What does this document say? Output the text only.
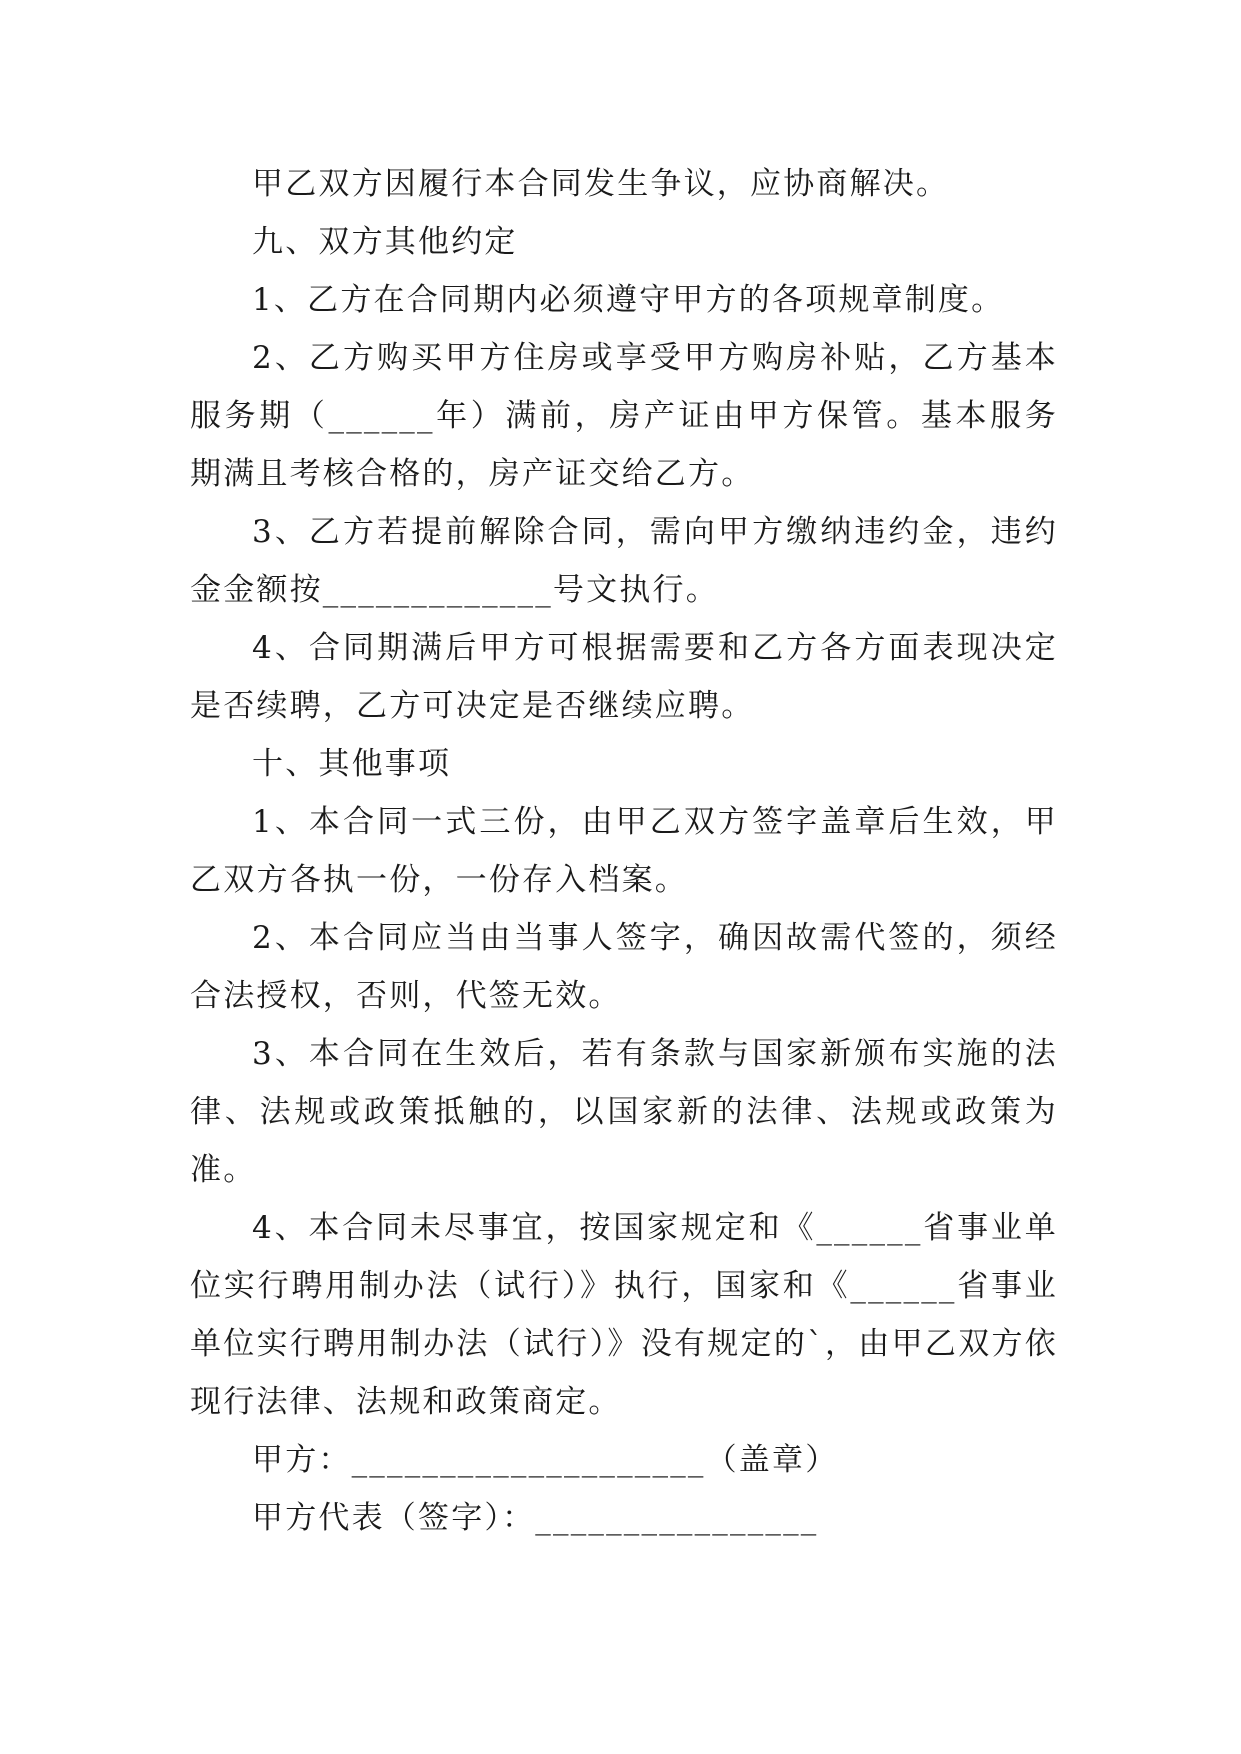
甲乙双方因履行本合同发生争议，应协商解决。

九、双方其他约定

1、乙方在合同期内必须遵守甲方的各项规章制度。

2、乙方购买甲方住房或享受甲方购房补贴，乙方基本服务期（______年）满前，房产证由甲方保管。基本服务期满且考核合格的，房产证交给乙方。

3、乙方若提前解除合同，需向甲方缴纳违约金，违约金金额按_____________号文执行。

4、合同期满后甲方可根据需要和乙方各方面表现决定是否续聘，乙方可决定是否继续应聘。

十、其他事项

1、本合同一式三份，由甲乙双方签字盖章后生效，甲乙双方各执一份，一份存入档案。

2、本合同应当由当事人签字，确因故需代签的，须经合法授权，否则，代签无效。

3、本合同在生效后，若有条款与国家新颁布实施的法律、法规或政策抵触的，以国家新的法律、法规或政策为准。

4、本合同未尽事宜，按国家规定和《______省事业单位实行聘用制办法（试行）》执行，国家和《______省事业单位实行聘用制办法（试行）》没有规定的`，由甲乙双方依现行法律、法规和政策商定。

甲方：____________________（盖章）

甲方代表（签字）：________________
